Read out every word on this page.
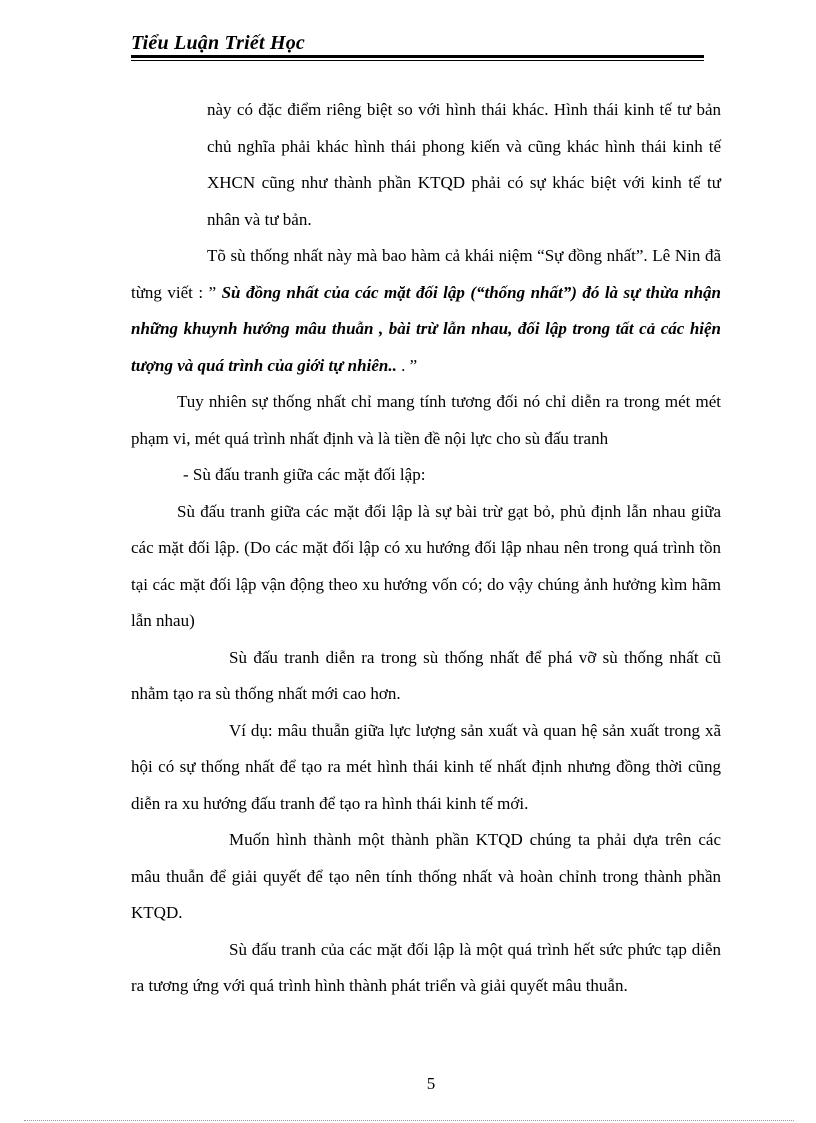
Tiểu Luận Triết Học

này có đặc điểm riêng biệt so với hình thái khác. Hình thái kinh tế tư bản chủ nghĩa phải khác hình thái phong kiến và cũng khác hình thái kinh tế XHCN cũng như thành phần KTQD phải có sự khác biệt với kinh tế tư nhân và tư bản.

Tõ sù thống nhất này mà bao hàm cả khái niệm “Sự đồng nhất”. Lê Nin đã từng viết : ” Sù đồng nhất của các mặt đối lập (“thống nhất”) đó là sự thừa nhận những khuynh hướng mâu thuẫn , bài trừ lẫn nhau, đối lập trong tất cả các hiện tượng và quá trình của giới tự nhiên.. . ”

Tuy nhiên sự thống nhất chỉ mang tính tương đối nó chỉ diễn ra trong mét mét phạm vi, mét quá trình nhất định và là tiền đề nội lực cho sù đấu tranh

- Sù đấu tranh giữa các mặt đối lập:

Sù đấu tranh giữa các mặt đối lập là sự bài trừ gạt bỏ, phủ định lẫn nhau giữa các mặt đối lập. (Do các mặt đối lập có xu hướng đối lập nhau nên trong quá trình tồn tại các mặt đối lập vận động theo xu hướng vốn có; do vậy chúng ảnh hưởng kìm hãm lẫn nhau)

Sù đấu tranh diễn ra trong sù thống nhất để phá vỡ sù thống nhất cũ nhằm tạo ra sù thống nhất mới cao hơn.

Ví dụ: mâu thuẫn giữa lực lượng sản xuất và quan hệ sản xuất trong xã hội có sự thống nhất để tạo ra mét hình thái kinh tế nhất định nhưng đồng thời cũng diễn ra xu hướng đấu tranh để tạo ra hình thái kinh tế mới.

Muốn hình thành một thành phần KTQD chúng ta phải dựa trên các mâu thuẫn để giải quyết để tạo nên tính thống nhất và hoàn chỉnh trong thành phần KTQD.

Sù đấu tranh của các mặt đối lập là một quá trình hết sức phức tạp diễn ra tương ứng với quá trình hình thành phát triển và giải quyết mâu thuẫn.

5
